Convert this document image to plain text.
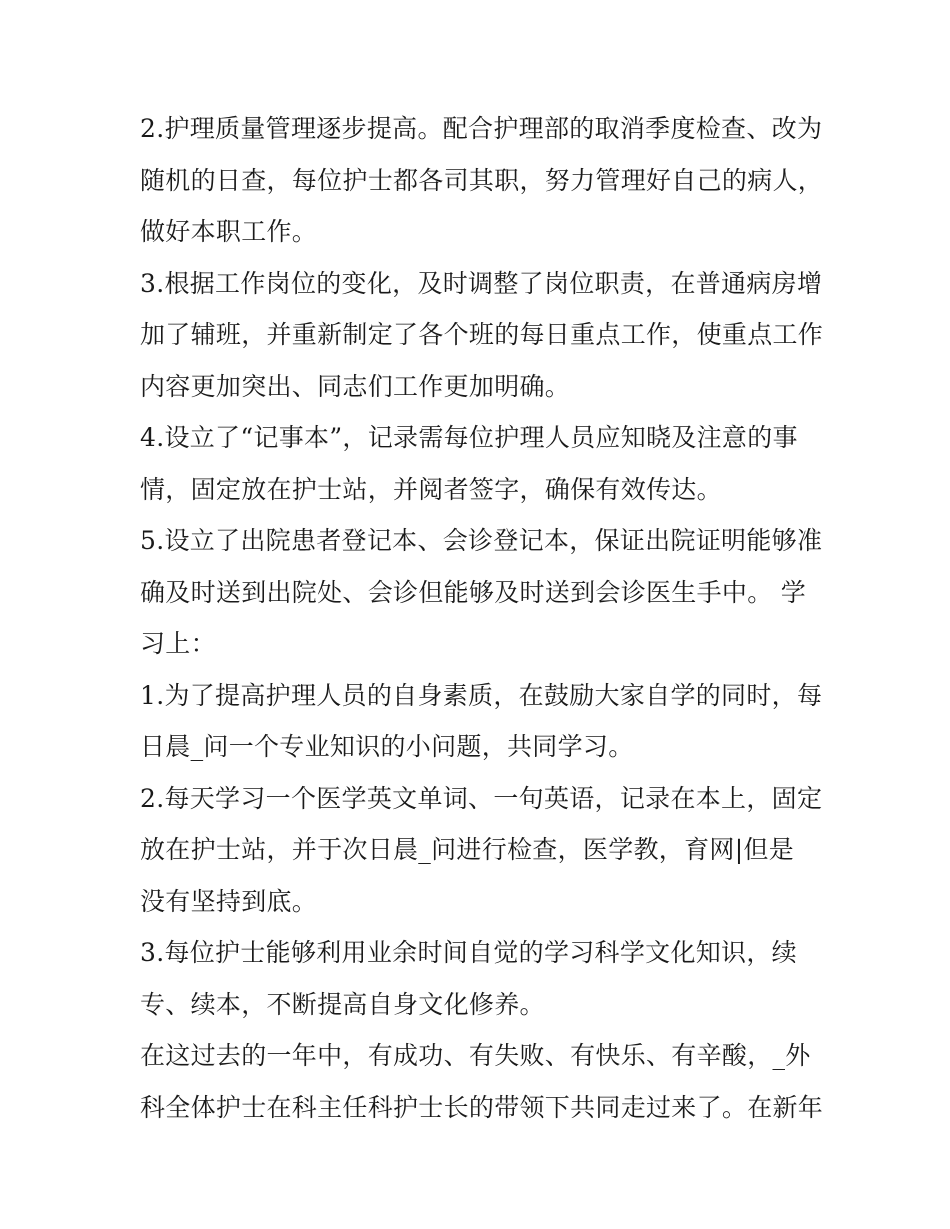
2.护理质量管理逐步提高。配合护理部的取消季度检查、改为
随机的日查，每位护士都各司其职，努力管理好自己的病人，
做好本职工作。
3.根据工作岗位的变化，及时调整了岗位职责，在普通病房增
加了辅班，并重新制定了各个班的每日重点工作，使重点工作
内容更加突出、同志们工作更加明确。
4.设立了“记事本”，记录需每位护理人员应知晓及注意的事
情，固定放在护士站，并阅者签字，确保有效传达。
5.设立了出院患者登记本、会诊登记本，保证出院证明能够准
确及时送到出院处、会诊但能够及时送到会诊医生手中。 学
习上：
1.为了提高护理人员的自身素质，在鼓励大家自学的同时，每
日晨_问一个专业知识的小问题，共同学习。
2.每天学习一个医学英文单词、一句英语，记录在本上，固定
放在护士站，并于次日晨_问进行检查，医学教，育网|但是
没有坚持到底。
3.每位护士能够利用业余时间自觉的学习科学文化知识，续
专、续本，不断提高自身文化修养。
在这过去的一年中，有成功、有失败、有快乐、有辛酸，_外
科全体护士在科主任科护士长的带领下共同走过来了。在新年
